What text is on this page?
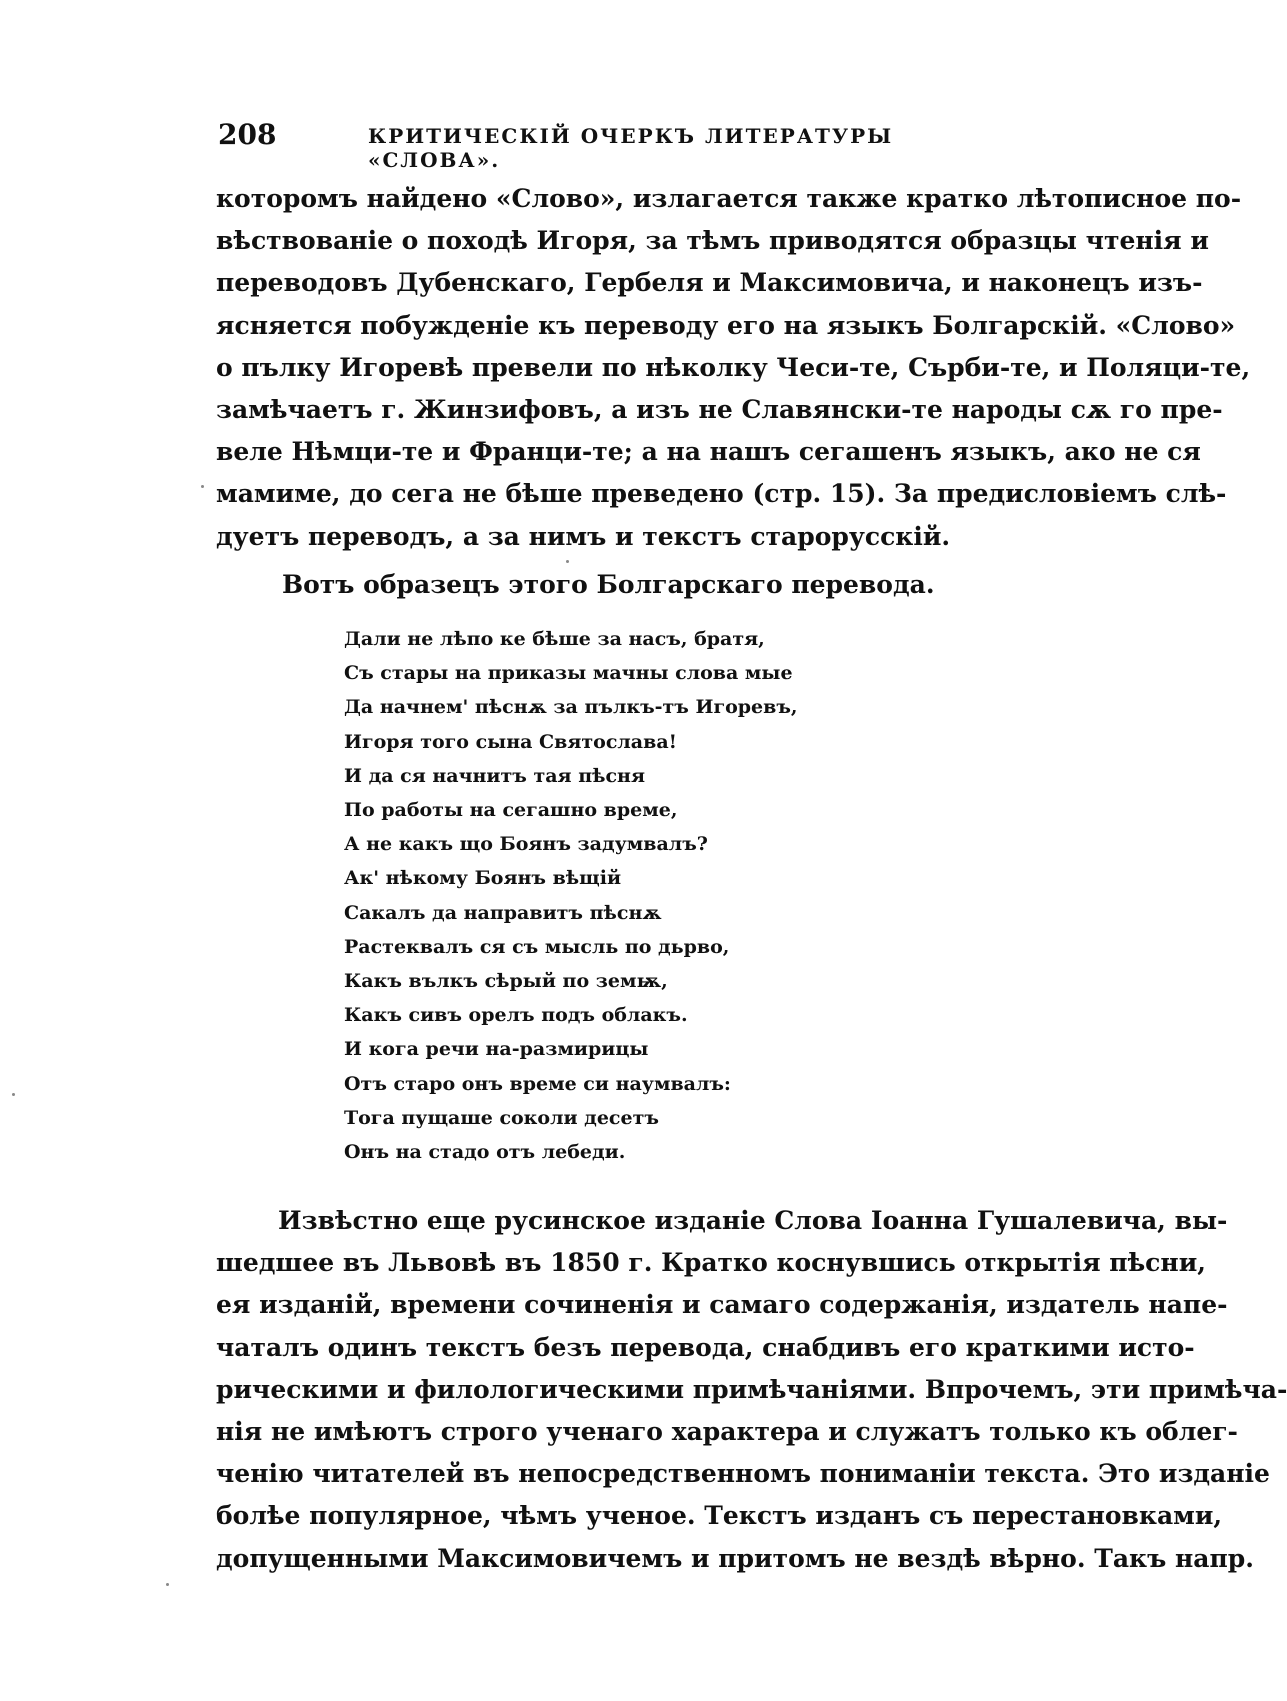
208	КРИТИЧЕСКІЙ ОЧЕРКЪ ЛИТЕРАТУРЫ «СЛОВА».
которомъ найдено «Слово», излагается также кратко лѣтописное по-
вѣствованіе о походѣ Игоря, за тѣмъ приводятся образцы чтенія и
переводовъ Дубенскаго, Гербеля и Максимовича, и наконецъ изъ-
ясняется побужденіе къ переводу его на языкъ Болгарскій. «Слово»
о пълку Игоревѣ превели по нѣколку Чеси-те, Сърби-те, и Поляци-те,
замѣчаетъ г. Жинзифовъ, а изъ не Славянски-те народы сѫ го пре-
веле Нѣмци-те и Франци-те; а на нашъ сегашенъ языкъ, ако не ся
мамиме, до сега не бѣше преведено (стр. 15). За предисловіемъ слѣ-
дуетъ переводъ, а за нимъ и текстъ старорусскій.
Вотъ образецъ этого Болгарскаго перевода.
Дали не лѣпо ке бѣше за насъ, братя,
Съ стары на приказы мачны слова мые
Да начнем' пѣснѫ за пълкъ-тъ Игоревъ,
Игоря того сына Святослава!
И да ся начнитъ тая пѣсня
По работы на сегашно време,
А не какъ що Боянъ задумвалъ?
Ак' нѣкому Боянъ вѣщій
Сакалъ да направитъ пѣснѫ
Растеквалъ ся съ мысль по дьрво,
Какъ вълкъ сѣрый по земѭ,
Какъ сивъ орелъ подъ облакъ.
И кога речи на-размирицы
Отъ старо онъ време си наумвалъ:
Тога пущаше соколи десетъ
Онъ на стадо отъ лебеди.
Извѣстно еще русинское изданіе Слова Іоанна Гушалевича, вы-
шедшее въ Львовѣ въ 1850 г. Кратко коснувшись открытія пѣсни,
ея изданій, времени сочиненія и самаго содержанія, издатель напе-
чаталъ одинъ текстъ безъ перевода, снабдивъ его краткими исто-
рическими и филологическими примѣчаніями. Впрочемъ, эти примѣча-
нія не имѣютъ строго ученаго характера и служатъ только къ облег-
ченію читателей въ непосредственномъ пониманіи текста. Это изданіе
болѣе популярное, чѣмъ ученое. Текстъ изданъ съ перестановками,
допущенными Максимовичемъ и притомъ не вездѣ вѣрно. Такъ напр.
